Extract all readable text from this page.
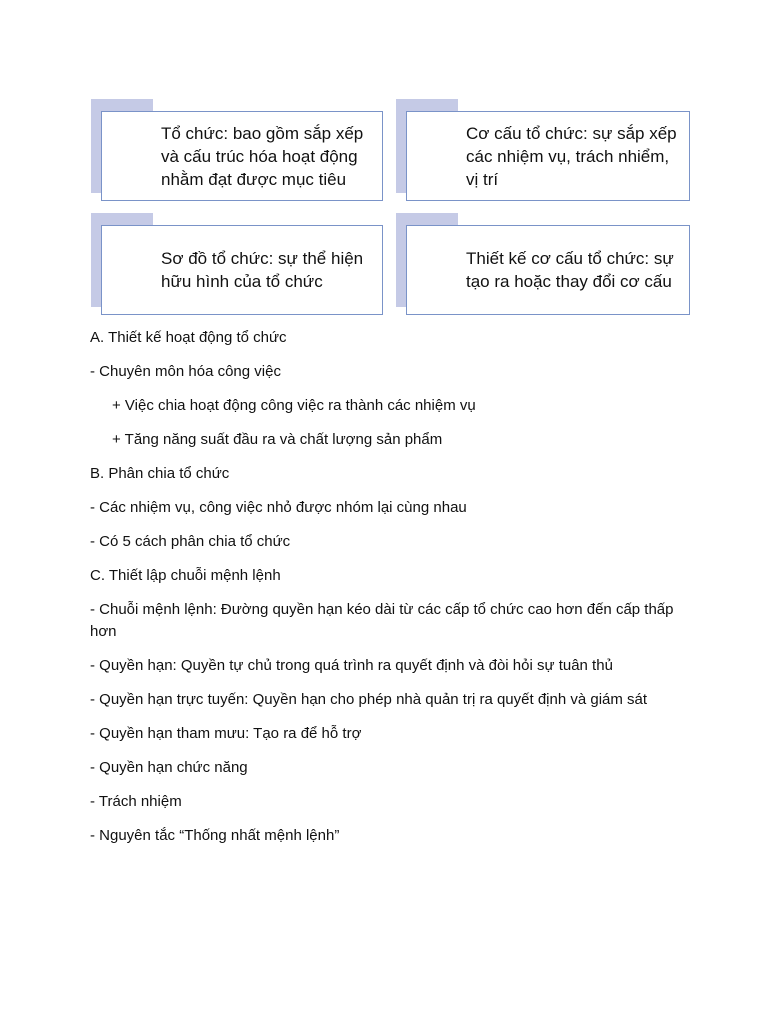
Tổ chức: bao gồm sắp xếp và cấu trúc hóa hoạt động nhằm đạt được mục tiêu
Cơ cấu tổ chức: sự sắp xếp các nhiệm vụ, trách nhiểm, vị trí
Sơ đồ tổ chức: sự thể hiện hữu hình của tổ chức
Thiết kế cơ cấu tổ chức: sự tạo ra hoặc thay đổi cơ cấu

A. Thiết kế hoạt động tổ chức

- Chuyên môn hóa công việc

+ Việc chia hoạt động công việc ra thành các nhiệm vụ

+ Tăng năng suất đầu ra và chất lượng sản phẩm

B. Phân chia tổ chức

- Các nhiệm vụ, công việc nhỏ được nhóm lại cùng nhau

- Có 5 cách phân chia tổ chức

C. Thiết lập chuỗi mệnh lệnh

- Chuỗi mệnh lệnh: Đường quyền hạn kéo dài từ các cấp tổ chức cao hơn đến cấp thấp hơn

- Quyền hạn: Quyền tự chủ trong quá trình ra quyết định và đòi hỏi sự tuân thủ

- Quyền hạn trực tuyến: Quyền hạn cho phép nhà quản trị ra quyết định và giám sát

- Quyền hạn tham mưu: Tạo ra để hỗ trợ

- Quyền hạn chức năng

- Trách nhiệm

- Nguyên tắc “Thống nhất mệnh lệnh”
